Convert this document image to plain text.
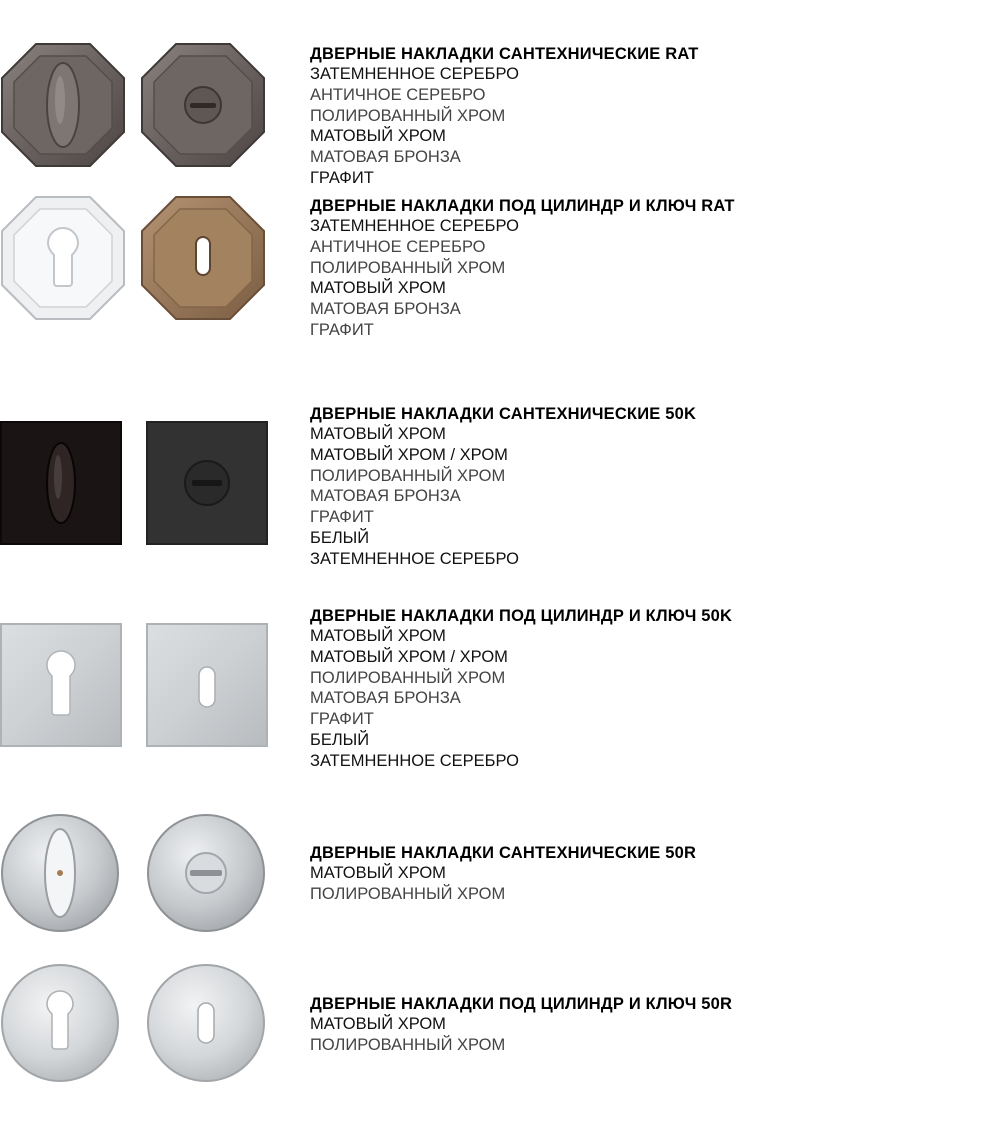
ДВЕРНЫЕ НАКЛАДКИ САНТЕХНИЧЕСКИЕ RAT
ЗАТЕМНЕННОЕ СЕРЕБРО
АНТИЧНОЕ СЕРЕБРО
ПОЛИРОВАННЫЙ ХРОМ
МАТОВЫЙ ХРОМ
МАТОВАЯ БРОНЗА
ГРАФИТ
ДВЕРНЫЕ НАКЛАДКИ ПОД ЦИЛИНДР И КЛЮЧ RAT
ЗАТЕМНЕННОЕ СЕРЕБРО
АНТИЧНОЕ СЕРЕБРО
ПОЛИРОВАННЫЙ ХРОМ
МАТОВЫЙ ХРОМ
МАТОВАЯ БРОНЗА
ГРАФИТ
ДВЕРНЫЕ НАКЛАДКИ САНТЕХНИЧЕСКИЕ 50K
МАТОВЫЙ ХРОМ
МАТОВЫЙ ХРОМ / ХРОМ
ПОЛИРОВАННЫЙ ХРОМ
МАТОВАЯ БРОНЗА
ГРАФИТ
БЕЛЫЙ
ЗАТЕМНЕННОЕ СЕРЕБРО
ДВЕРНЫЕ НАКЛАДКИ ПОД ЦИЛИНДР И КЛЮЧ 50K
МАТОВЫЙ ХРОМ
МАТОВЫЙ ХРОМ / ХРОМ
ПОЛИРОВАННЫЙ ХРОМ
МАТОВАЯ БРОНЗА
ГРАФИТ
БЕЛЫЙ
ЗАТЕМНЕННОЕ СЕРЕБРО
ДВЕРНЫЕ НАКЛАДКИ САНТЕХНИЧЕСКИЕ 50R
МАТОВЫЙ ХРОМ
ПОЛИРОВАННЫЙ ХРОМ
ДВЕРНЫЕ НАКЛАДКИ ПОД ЦИЛИНДР И КЛЮЧ 50R
МАТОВЫЙ ХРОМ
ПОЛИРОВАННЫЙ ХРОМ
